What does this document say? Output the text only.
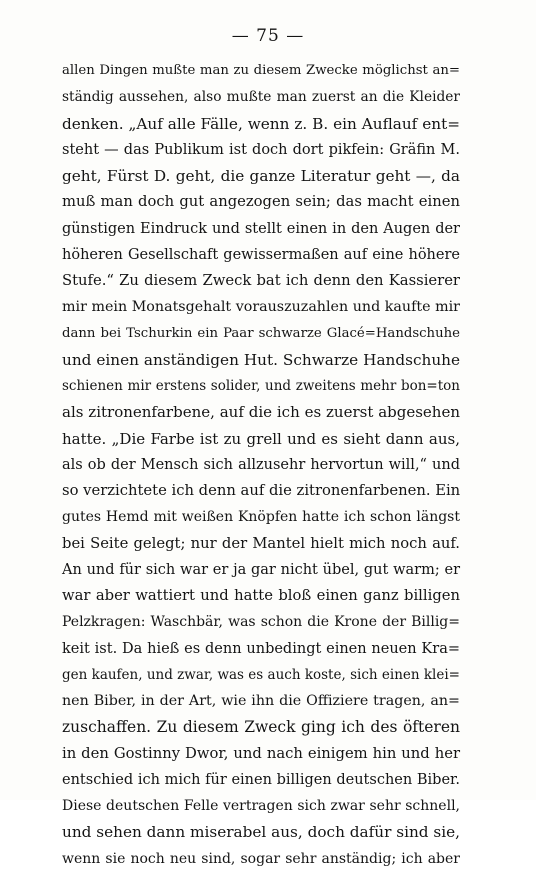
— 75 —
allen Dingen mußte man zu diesem Zwecke möglichst an=
ständig aussehen, also mußte man zuerst an die Kleider
denken. „Auf alle Fälle, wenn z. B. ein Auflauf ent=
steht — das Publikum ist doch dort pikfein: Gräfin M.
geht, Fürst D. geht, die ganze Literatur geht —, da
muß man doch gut angezogen sein; das macht einen
günstigen Eindruck und stellt einen in den Augen der
höheren Gesellschaft gewissermaßen auf eine höhere
Stufe.“ Zu diesem Zweck bat ich denn den Kassierer
mir mein Monatsgehalt vorauszuzahlen und kaufte mir
dann bei Tschurkin ein Paar schwarze Glacé=Handschuhe
und einen anständigen Hut. Schwarze Handschuhe
schienen mir erstens solider, und zweitens mehr bon=ton
als zitronenfarbene, auf die ich es zuerst abgesehen
hatte. „Die Farbe ist zu grell und es sieht dann aus,
als ob der Mensch sich allzusehr hervortun will,“ und
so verzichtete ich denn auf die zitronenfarbenen. Ein
gutes Hemd mit weißen Knöpfen hatte ich schon längst
bei Seite gelegt; nur der Mantel hielt mich noch auf.
An und für sich war er ja gar nicht übel, gut warm; er
war aber wattiert und hatte bloß einen ganz billigen
Pelzkragen: Waschbär, was schon die Krone der Billig=
keit ist. Da hieß es denn unbedingt einen neuen Kra=
gen kaufen, und zwar, was es auch koste, sich einen klei=
nen Biber, in der Art, wie ihn die Offiziere tragen, an=
zuschaffen. Zu diesem Zweck ging ich des öfteren
in den Gostinny Dwor, und nach einigem hin und her
entschied ich mich für einen billigen deutschen Biber.
Diese deutschen Felle vertragen sich zwar sehr schnell,
und sehen dann miserabel aus, doch dafür sind sie,
wenn sie noch neu sind, sogar sehr anständig; ich aber
